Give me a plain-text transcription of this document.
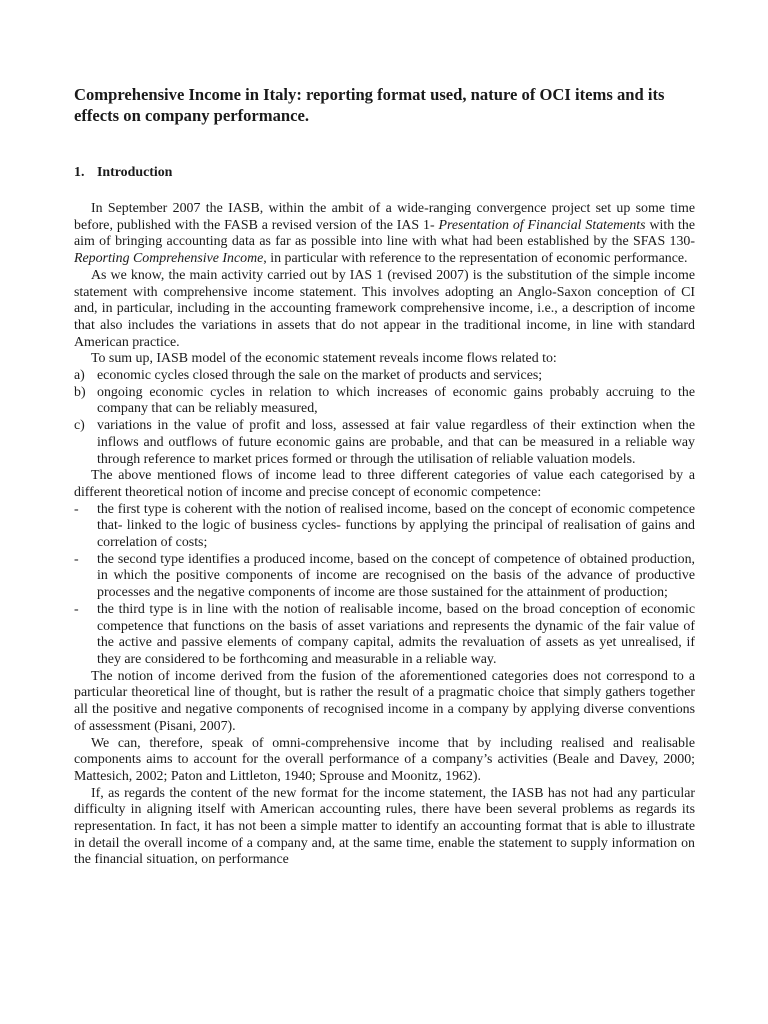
Comprehensive Income in Italy: reporting format used, nature of OCI items and its effects on company performance.
1. Introduction

In September 2007 the IASB, within the ambit of a wide-ranging convergence project set up some time before, published with the FASB a revised version of the IAS 1- Presentation of Financial Statements with the aim of bringing accounting data as far as possible into line with what had been established by the SFAS 130- Reporting Comprehensive Income, in particular with reference to the representation of economic performance.

As we know, the main activity carried out by IAS 1 (revised 2007) is the substitution of the simple income statement with comprehensive income statement. This involves adopting an Anglo-Saxon conception of CI and, in particular, including in the accounting framework comprehensive income, i.e., a description of income that also includes the variations in assets that do not appear in the traditional income, in line with standard American practice.

To sum up, IASB model of the economic statement reveals income flows related to:

a) economic cycles closed through the sale on the market of products and services;
b) ongoing economic cycles in relation to which increases of economic gains probably accruing to the company that can be reliably measured,
c) variations in the value of profit and loss, assessed at fair value regardless of their extinction when the inflows and outflows of future economic gains are probable, and that can be measured in a reliable way through reference to market prices formed or through the utilisation of reliable valuation models.

The above mentioned flows of income lead to three different categories of value each categorised by a different theoretical notion of income and precise concept of economic competence:

-	the first type is coherent with the notion of realised income, based on the concept of economic competence that- linked to the logic of business cycles- functions by applying the principal of realisation of gains and correlation of costs;
-	the second type identifies a produced income, based on the concept of competence of obtained production, in which the positive components of income are recognised on the basis of the advance of productive processes and the negative components of income are those sustained for the attainment of production;
-	the third type is in line with the notion of realisable income, based on the broad conception of economic competence that functions on the basis of asset variations and represents the dynamic of the fair value of the active and passive elements of company capital, admits the revaluation of assets as yet unrealised, if they are considered to be forthcoming and measurable in a reliable way.

The notion of income derived from the fusion of the aforementioned categories does not correspond to a particular theoretical line of thought, but is rather the result of a pragmatic choice that simply gathers together all the positive and negative components of recognised income in a company by applying diverse conventions of assessment (Pisani, 2007).

We can, therefore, speak of omni-comprehensive income that by including realised and realisable components aims to account for the overall performance of a company’s activities (Beale and Davey, 2000; Mattesich, 2002; Paton and Littleton, 1940; Sprouse and Moonitz, 1962).

If, as regards the content of the new format for the income statement, the IASB has not had any particular difficulty in aligning itself with American accounting rules, there have been several problems as regards its representation. In fact, it has not been a simple matter to identify an accounting format that is able to illustrate in detail the overall income of a company and, at the same time, enable the statement to supply information on the financial situation, on performance
